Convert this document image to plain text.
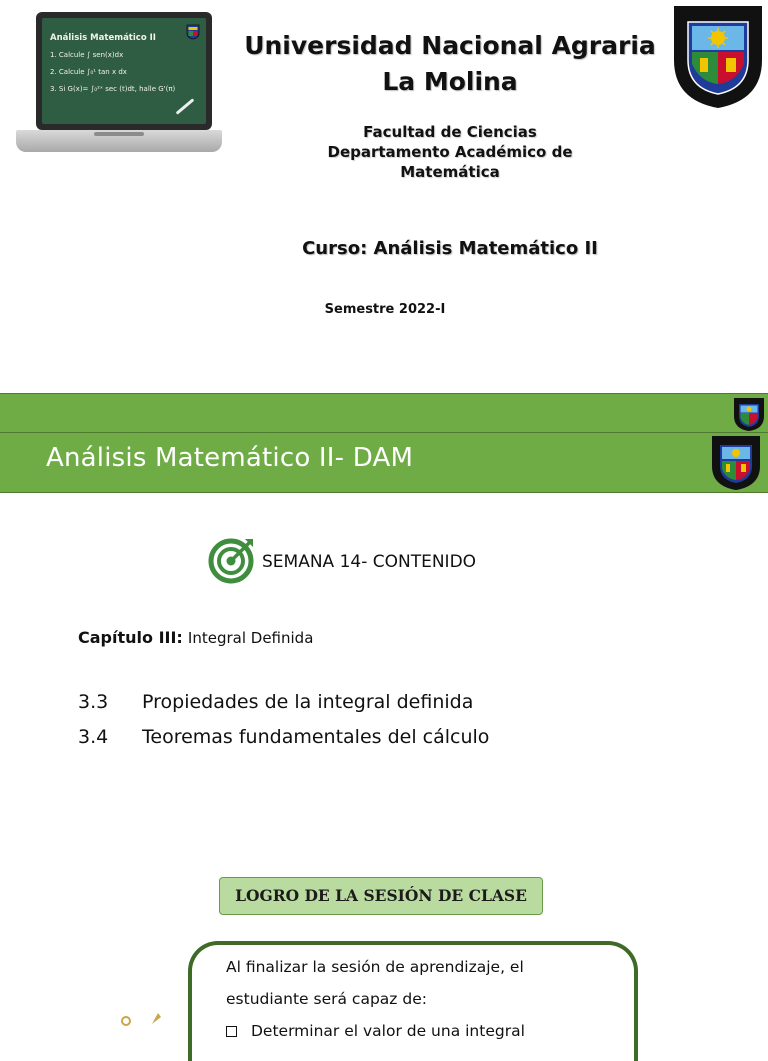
Análisis Matemático II
1. Calcule ∫ sen(x)dx
2. Calcule ∫₀¹ tan x dx
3. Si G(x)= ∫₀²ˣ sec (t)dt, halle G'(π)
Universidad Nacional Agraria
La Molina
Facultad de Ciencias
Departamento Académico de
Matemática
Curso: Análisis Matemático II
Semestre 2022-I
Análisis Matemático II- DAM
SEMANA 14- CONTENIDO
Capítulo III: Integral Definida
3.3	Propiedades de la integral definida
3.4	Teoremas fundamentales del cálculo
LOGRO DE LA SESIÓN DE CLASE
Al finalizar la sesión de aprendizaje, el
estudiante será capaz de:
Determinar el valor de una integral
